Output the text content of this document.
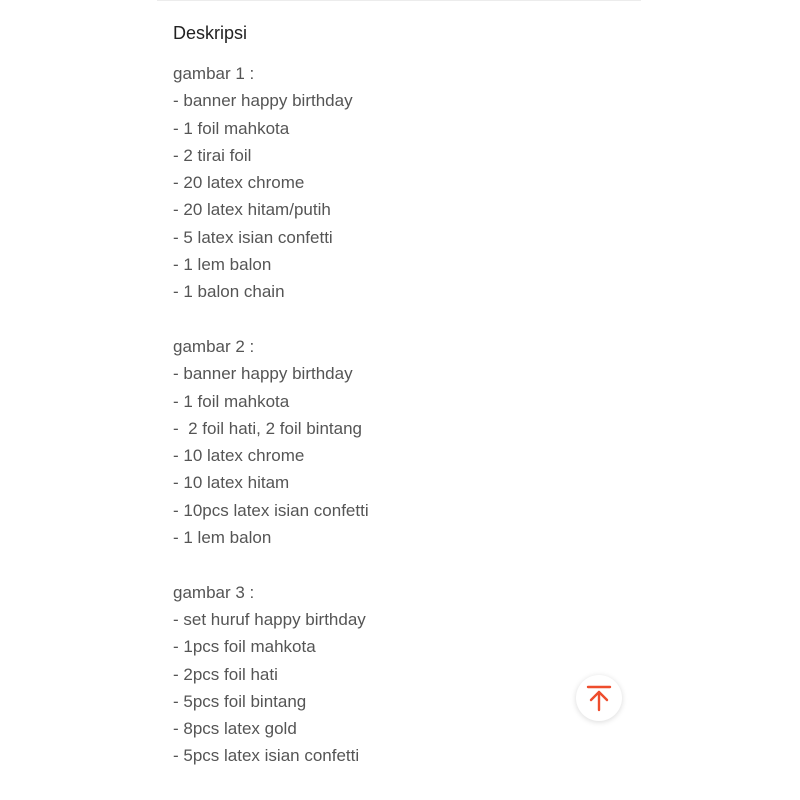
Deskripsi
gambar 1 :
- banner happy birthday
- 1 foil mahkota
- 2 tirai foil
- 20 latex chrome
- 20 latex hitam/putih
- 5 latex isian confetti
- 1 lem balon
- 1 balon chain
gambar 2 :
- banner happy birthday
- 1 foil mahkota
-  2 foil hati, 2 foil bintang
- 10 latex chrome
- 10 latex hitam
- 10pcs latex isian confetti
- 1 lem balon
gambar 3 :
- set huruf happy birthday
- 1pcs foil mahkota
- 2pcs foil hati
- 5pcs foil bintang
- 8pcs latex gold
- 5pcs latex isian confetti
